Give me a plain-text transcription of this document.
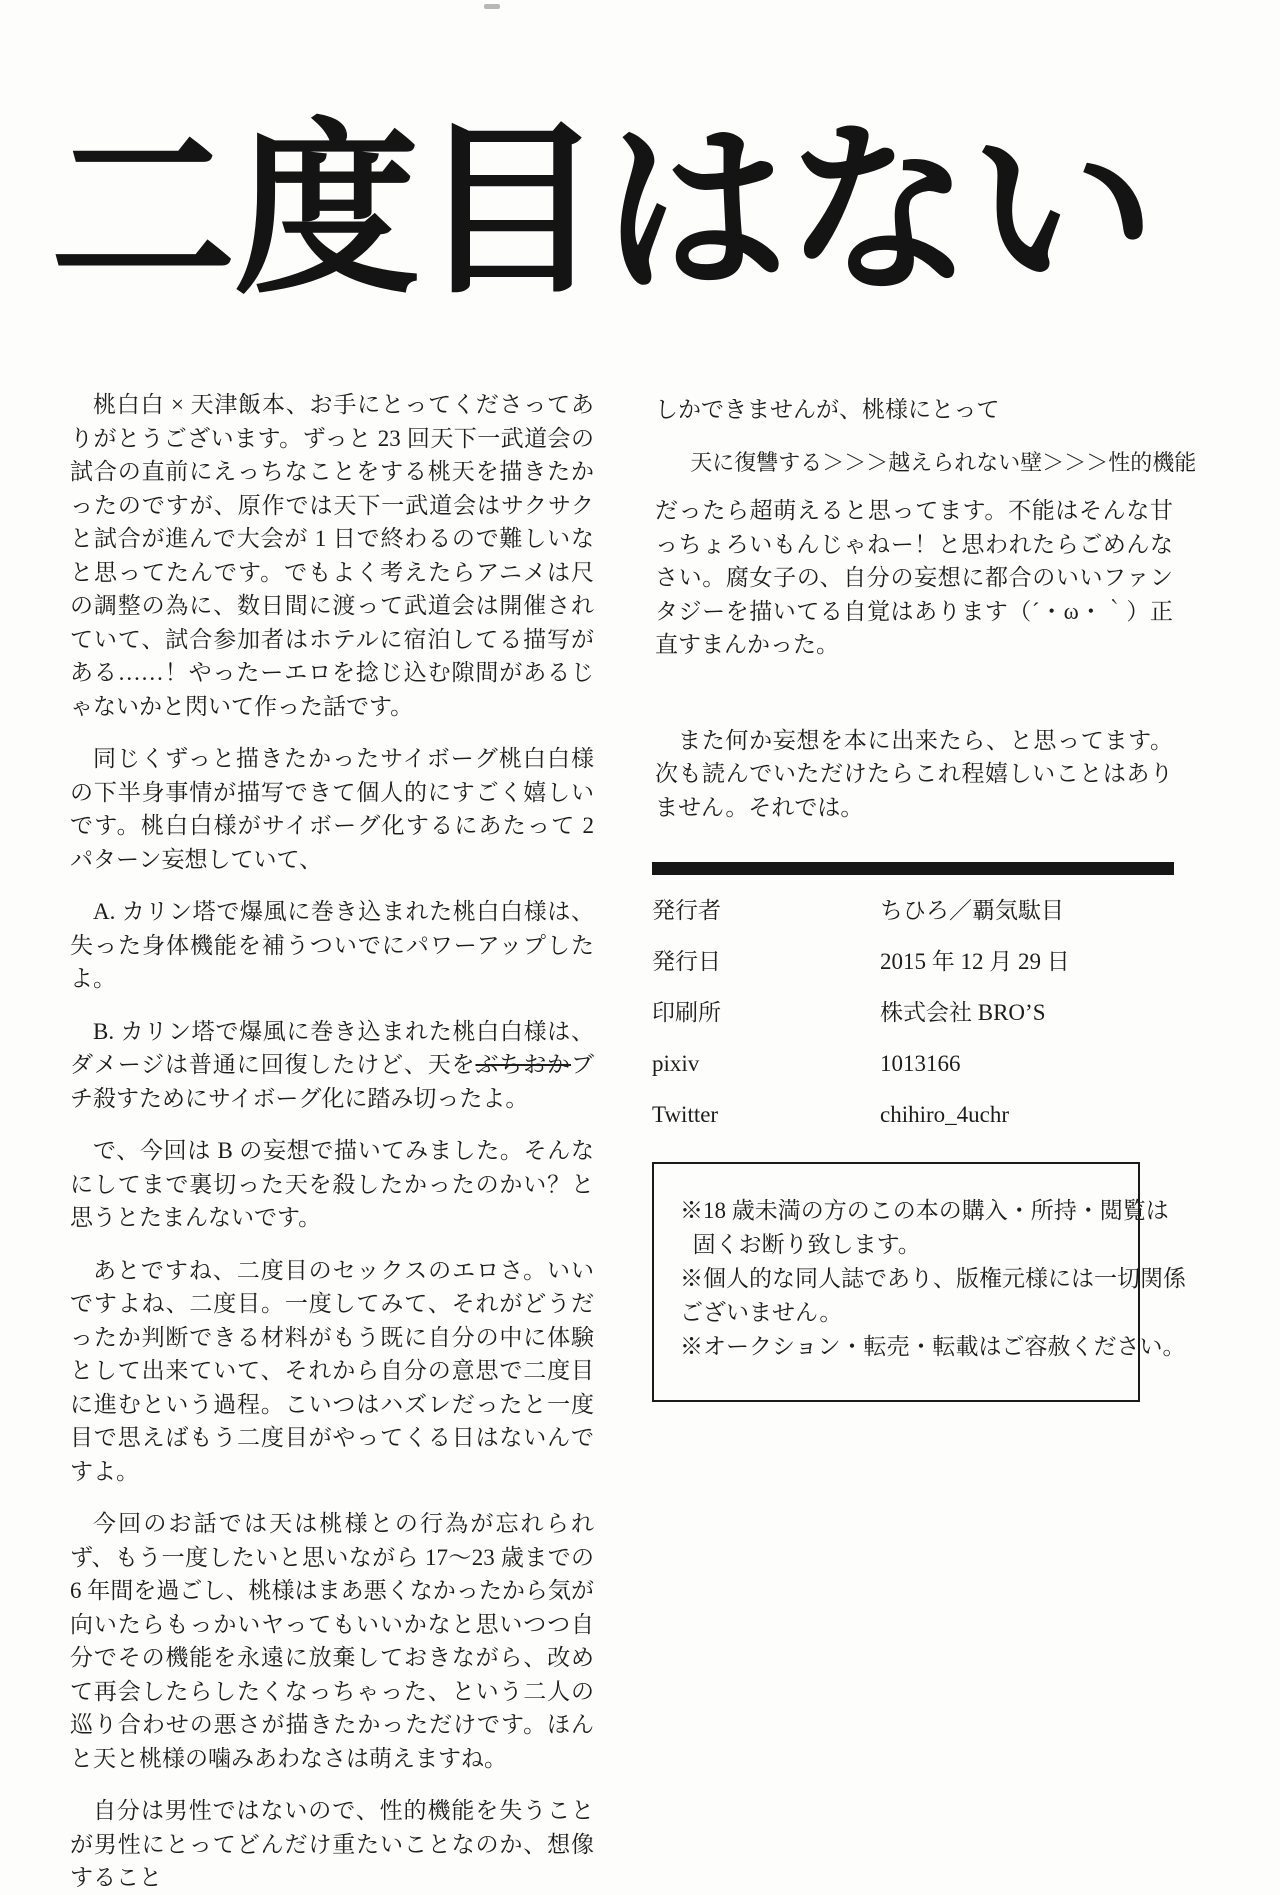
二度目はない

桃白白 × 天津飯本、お手にとってくださってありがとうございます。ずっと 23 回天下一武道会の試合の直前にえっちなことをする桃天を描きたかったのですが、原作では天下一武道会はサクサクと試合が進んで大会が 1 日で終わるので難しいなと思ってたんです。でもよく考えたらアニメは尺の調整の為に、数日間に渡って武道会は開催されていて、試合参加者はホテルに宿泊してる描写がある……！やったーエロを捻じ込む隙間があるじゃないかと閃いて作った話です。

同じくずっと描きたかったサイボーグ桃白白様の下半身事情が描写できて個人的にすごく嬉しいです。桃白白様がサイボーグ化するにあたって 2 パターン妄想していて、

A. カリン塔で爆風に巻き込まれた桃白白様は、失った身体機能を補うついでにパワーアップしたよ。

B. カリン塔で爆風に巻き込まれた桃白白様は、ダメージは普通に回復したけど、天をぶちおかブチ殺すためにサイボーグ化に踏み切ったよ。

で、今回は B の妄想で描いてみました。そんなにしてまで裏切った天を殺したかったのかい？と思うとたまんないです。

あとですね、二度目のセックスのエロさ。いいですよね、二度目。一度してみて、それがどうだったか判断できる材料がもう既に自分の中に体験として出来ていて、それから自分の意思で二度目に進むという過程。こいつはハズレだったと一度目で思えばもう二度目がやってくる日はないんですよ。

今回のお話では天は桃様との行為が忘れられず、もう一度したいと思いながら 17～23 歳までの 6 年間を過ごし、桃様はまあ悪くなかったから気が向いたらもっかいヤってもいいかなと思いつつ自分でその機能を永遠に放棄しておきながら、改めて再会したらしたくなっちゃった、という二人の巡り合わせの悪さが描きたかっただけです。ほんと天と桃様の噛みあわなさは萌えますね。

自分は男性ではないので、性的機能を失うことが男性にとってどんだけ重たいことなのか、想像すること

しかできませんが、桃様にとって

天に復讐する＞＞＞越えられない壁＞＞＞性的機能

だったら超萌えると思ってます。不能はそんな甘っちょろいもんじゃねー！と思われたらごめんなさい。腐女子の、自分の妄想に都合のいいファンタジーを描いてる自覚はあります（´・ω・｀）正直すまんかった。

また何か妄想を本に出来たら、と思ってます。次も読んでいただけたらこれ程嬉しいことはありません。それでは。

発行者	ちひろ／覇気駄目
発行日	2015 年 12 月 29 日
印刷所	株式会社 BRO’S
pixiv	1013166
Twitter	chihiro_4uchr
※18 歳未満の方のこの本の購入・所持・閲覧は
固くお断り致します。
※個人的な同人誌であり、版権元様には一切関係
ございません。
※オークション・転売・転載はご容赦ください。
